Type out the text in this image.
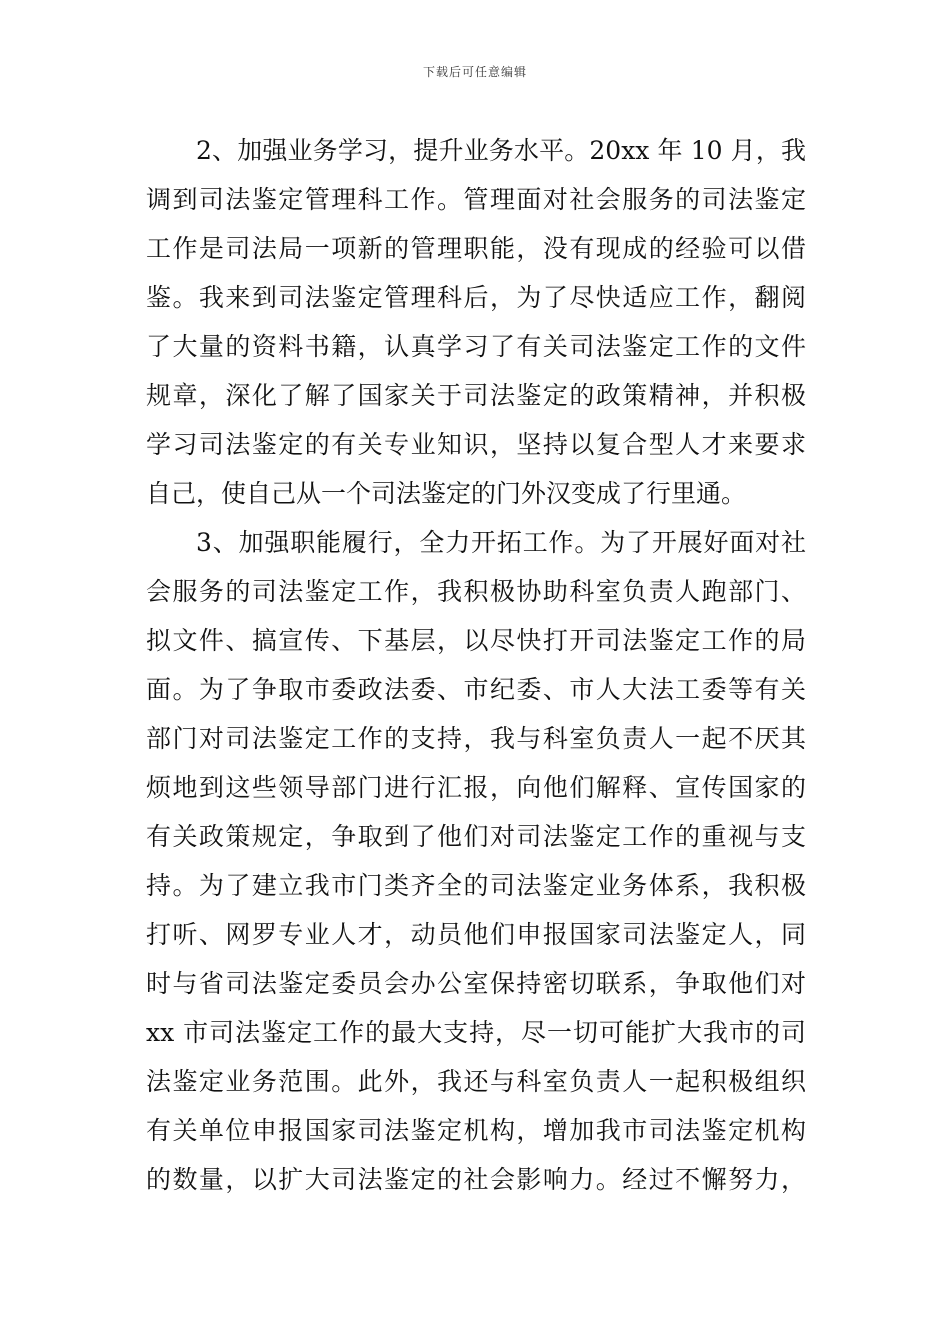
下载后可任意编辑
2、加强业务学习，提升业务水平。20xx 年 10 月，我
调到司法鉴定管理科工作。管理面对社会服务的司法鉴定
工作是司法局一项新的管理职能，没有现成的经验可以借
鉴。我来到司法鉴定管理科后，为了尽快适应工作，翻阅
了大量的资料书籍，认真学习了有关司法鉴定工作的文件
规章，深化了解了国家关于司法鉴定的政策精神，并积极
学习司法鉴定的有关专业知识，坚持以复合型人才来要求
自己，使自己从一个司法鉴定的门外汉变成了行里通。
3、加强职能履行，全力开拓工作。为了开展好面对社
会服务的司法鉴定工作，我积极协助科室负责人跑部门、
拟文件、搞宣传、下基层，以尽快打开司法鉴定工作的局
面。为了争取市委政法委、市纪委、市人大法工委等有关
部门对司法鉴定工作的支持，我与科室负责人一起不厌其
烦地到这些领导部门进行汇报，向他们解释、宣传国家的
有关政策规定，争取到了他们对司法鉴定工作的重视与支
持。为了建立我市门类齐全的司法鉴定业务体系，我积极
打听、网罗专业人才，动员他们申报国家司法鉴定人，同
时与省司法鉴定委员会办公室保持密切联系，争取他们对
xx 市司法鉴定工作的最大支持，尽一切可能扩大我市的司
法鉴定业务范围。此外，我还与科室负责人一起积极组织
有关单位申报国家司法鉴定机构，增加我市司法鉴定机构
的数量，以扩大司法鉴定的社会影响力。经过不懈努力，
